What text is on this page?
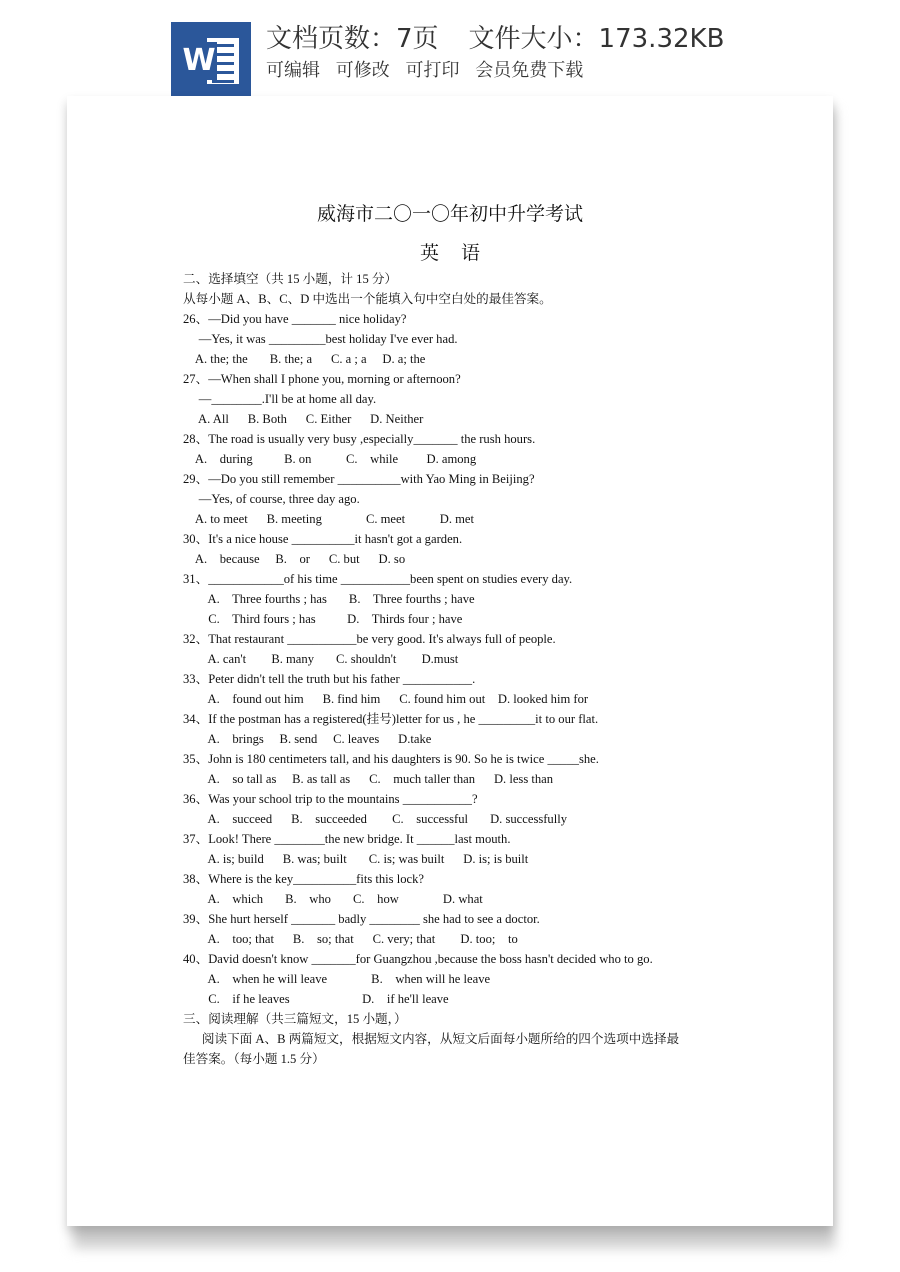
W
文档页数：7页 文件大小：173.32KB
可编辑 可修改 可打印 会员免费下载
威海市二〇一〇年初中升学考试
英语
二、选择填空（共 15 小题，计 15 分）
从每小题 A、B、C、D 中选出一个能填入句中空白处的最佳答案。
26、—Did you have _______ nice holiday?
—Yes, it was _________best holiday I've ever had.
A. the; the       B. the; a      C. a ; a     D. a; the
27、—When shall I phone you, morning or afternoon?
—________.I'll be at home all day.
A. All      B. Both      C. Either      D. Neither
28、The road is usually very busy ,especially_______ the rush hours.
A.    during          B. on           C.    while         D. among
29、—Do you still remember __________with Yao Ming in Beijing?
—Yes, of course, three day ago.
A. to meet      B. meeting              C. meet           D. met
30、It's a nice house __________it hasn't got a garden.
A.    because     B.    or      C. but      D. so
31、____________of his time ___________been spent on studies every day.
A.    Three fourths ; has       B.    Three fourths ; have
C.    Third fours ; has          D.    Thirds four ; have
32、That restaurant ___________be very good. It's always full of people.
A. can't        B. many       C. shouldn't        D.must
33、Peter didn't tell the truth but his father ___________.
A.    found out him      B. find him      C. found him out    D. looked him for
34、If the postman has a registered(挂号)letter for us , he _________it to our flat.
A.    brings     B. send     C. leaves      D.take
35、John is 180 centimeters tall, and his daughters is 90. So he is twice _____she.
A.    so tall as     B. as tall as      C.    much taller than      D. less than
36、Was your school trip to the mountains ___________?
A.    succeed      B.    succeeded        C.    successful       D. successfully
37、Look! There ________the new bridge. It ______last mouth.
A. is; build      B. was; built       C. is; was built      D. is; is built
38、Where is the key__________fits this lock?
A.    which       B.    who       C.    how              D. what
39、She hurt herself _______ badly ________ she had to see a doctor.
A.    too; that      B.    so; that      C. very; that        D. too;    to
40、David doesn't know _______for Guangzhou ,because the boss hasn't decided who to go.
A.    when he will leave              B.    when will he leave
C.    if he leaves                       D.    if he'll leave
三、阅读理解（共三篇短文，15 小题，）
阅读下面 A、B 两篇短文，根据短文内容，从短文后面每小题所给的四个选项中选择最
佳答案。（每小题 1.5 分）
